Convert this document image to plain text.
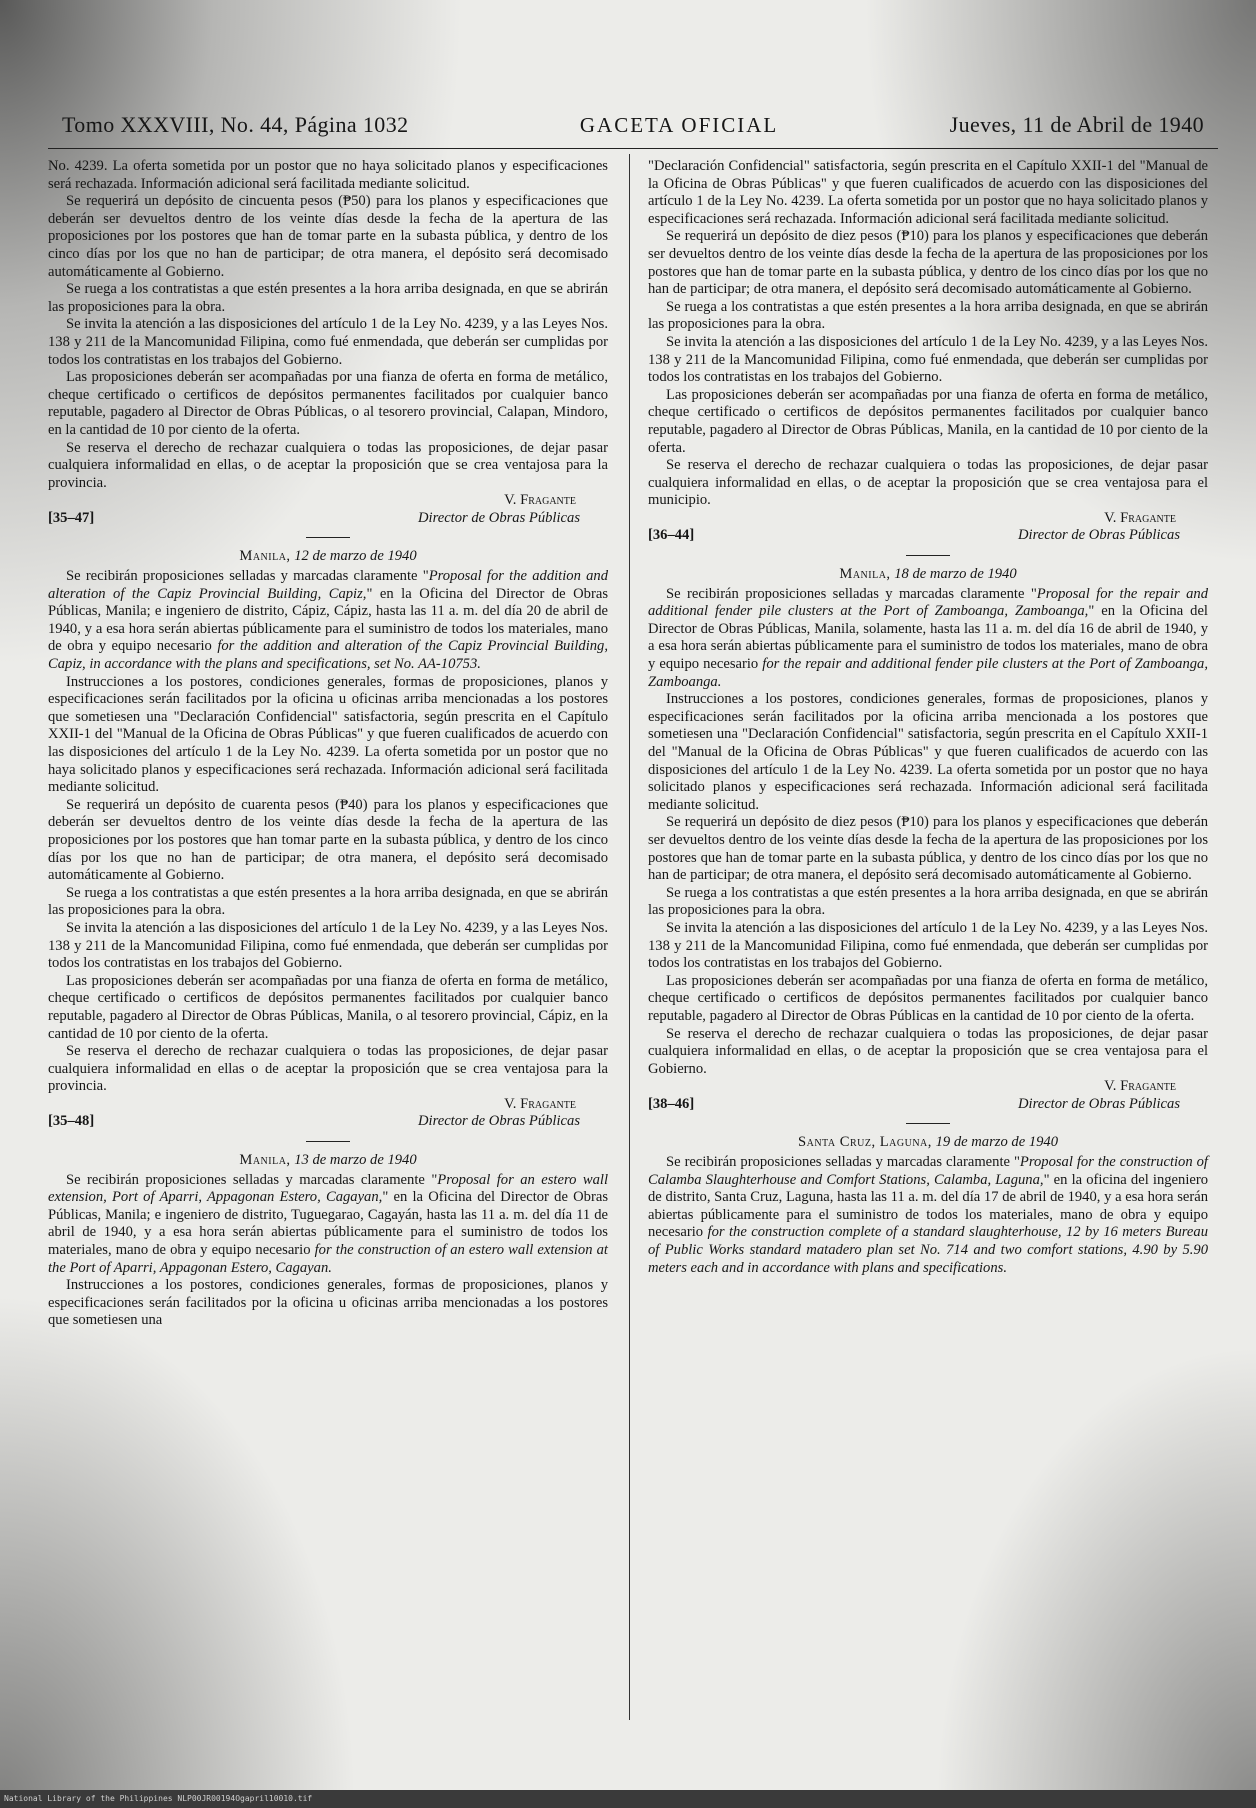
Tomo XXXVIII, No. 44, Página 1032	GACETA OFICIAL	Jueves, 11 de Abril de 1940

No. 4239. La oferta sometida por un postor que no haya solicitado planos y especificaciones será rechazada. Información adicional será facilitada mediante solicitud.

Se requerirá un depósito de cincuenta pesos (₱50) para los planos y especificaciones que deberán ser devueltos dentro de los veinte días desde la fecha de la apertura de las proposiciones por los postores que han de tomar parte en la subasta pública, y dentro de los cinco días por los que no han de participar; de otra manera, el depósito será decomisado automáticamente al Gobierno.

Se ruega a los contratistas a que estén presentes a la hora arriba designada, en que se abrirán las proposiciones para la obra.

Se invita la atención a las disposiciones del artículo 1 de la Ley No. 4239, y a las Leyes Nos. 138 y 211 de la Mancomunidad Filipina, como fué enmendada, que deberán ser cumplidas por todos los contratistas en los trabajos del Gobierno.

Las proposiciones deberán ser acompañadas por una fianza de oferta en forma de metálico, cheque certificado o certificos de depósitos permanentes facilitados por cualquier banco reputable, pagadero al Director de Obras Públicas, o al tesorero provincial, Calapan, Mindoro, en la cantidad de 10 por ciento de la oferta.

Se reserva el derecho de rechazar cualquiera o todas las proposiciones, de dejar pasar cualquiera informalidad en ellas, o de aceptar la proposición que se crea ventajosa para la provincia.

V. Fragante
[35–47]	Director de Obras Públicas
Manila, 12 de marzo de 1940

Se recibirán proposiciones selladas y marcadas claramente "Proposal for the addition and alteration of the Capiz Provincial Building, Capiz," en la Oficina del Director de Obras Públicas, Manila; e ingeniero de distrito, Cápiz, Cápiz, hasta las 11 a. m. del día 20 de abril de 1940, y a esa hora serán abiertas públicamente para el suministro de todos los materiales, mano de obra y equipo necesario for the addition and alteration of the Capiz Provincial Building, Capiz, in accordance with the plans and specifications, set No. AA-10753.

Instrucciones a los postores, condiciones generales, formas de proposiciones, planos y especificaciones serán facilitados por la oficina u oficinas arriba mencionadas a los postores que sometiesen una "Declaración Confidencial" satisfactoria, según prescrita en el Capítulo XXII-1 del "Manual de la Oficina de Obras Públicas" y que fueren cualificados de acuerdo con las disposiciones del artículo 1 de la Ley No. 4239. La oferta sometida por un postor que no haya solicitado planos y especificaciones será rechazada. Información adicional será facilitada mediante solicitud.

Se requerirá un depósito de cuarenta pesos (₱40) para los planos y especificaciones que deberán ser devueltos dentro de los veinte días desde la fecha de la apertura de las proposiciones por los postores que han tomar parte en la subasta pública, y dentro de los cinco días por los que no han de participar; de otra manera, el depósito será decomisado automáticamente al Gobierno.

Se ruega a los contratistas a que estén presentes a la hora arriba designada, en que se abrirán las proposiciones para la obra.

Se invita la atención a las disposiciones del artículo 1 de la Ley No. 4239, y a las Leyes Nos. 138 y 211 de la Mancomunidad Filipina, como fué enmendada, que deberán ser cumplidas por todos los contratistas en los trabajos del Gobierno.

Las proposiciones deberán ser acompañadas por una fianza de oferta en forma de metálico, cheque certificado o certificos de depósitos permanentes facilitados por cualquier banco reputable, pagadero al Director de Obras Públicas, Manila, o al tesorero provincial, Cápiz, en la cantidad de 10 por ciento de la oferta.

Se reserva el derecho de rechazar cualquiera o todas las proposiciones, de dejar pasar cualquiera informalidad en ellas o de aceptar la proposición que se crea ventajosa para la provincia.

V. Fragante
[35–48]	Director de Obras Públicas
Manila, 13 de marzo de 1940

Se recibirán proposiciones selladas y marcadas claramente "Proposal for an estero wall extension, Port of Aparri, Appagonan Estero, Cagayan," en la Oficina del Director de Obras Públicas, Manila; e ingeniero de distrito, Tuguegarao, Cagayán, hasta las 11 a. m. del día 11 de abril de 1940, y a esa hora serán abiertas públicamente para el suministro de todos los materiales, mano de obra y equipo necesario for the construction of an estero wall extension at the Port of Aparri, Appagonan Estero, Cagayan.

Instrucciones a los postores, condiciones generales, formas de proposiciones, planos y especificaciones serán facilitados por la oficina u oficinas arriba mencionadas a los postores que sometiesen una

"Declaración Confidencial" satisfactoria, según prescrita en el Capítulo XXII-1 del "Manual de la Oficina de Obras Públicas" y que fueren cualificados de acuerdo con las disposiciones del artículo 1 de la Ley No. 4239. La oferta sometida por un postor que no haya solicitado planos y especificaciones será rechazada. Información adicional será facilitada mediante solicitud.

Se requerirá un depósito de diez pesos (₱10) para los planos y especificaciones que deberán ser devueltos dentro de los veinte días desde la fecha de la apertura de las proposiciones por los postores que han de tomar parte en la subasta pública, y dentro de los cinco días por los que no han de participar; de otra manera, el depósito será decomisado automáticamente al Gobierno.

Se ruega a los contratistas a que estén presentes a la hora arriba designada, en que se abrirán las proposiciones para la obra.

Se invita la atención a las disposiciones del artículo 1 de la Ley No. 4239, y a las Leyes Nos. 138 y 211 de la Mancomunidad Filipina, como fué enmendada, que deberán ser cumplidas por todos los contratistas en los trabajos del Gobierno.

Las proposiciones deberán ser acompañadas por una fianza de oferta en forma de metálico, cheque certificado o certificos de depósitos permanentes facilitados por cualquier banco reputable, pagadero al Director de Obras Públicas, Manila, en la cantidad de 10 por ciento de la oferta.

Se reserva el derecho de rechazar cualquiera o todas las proposiciones, de dejar pasar cualquiera informalidad en ellas, o de aceptar la proposición que se crea ventajosa para el municipio.

V. Fragante
[36–44]	Director de Obras Públicas
Manila, 18 de marzo de 1940

Se recibirán proposiciones selladas y marcadas claramente "Proposal for the repair and additional fender pile clusters at the Port of Zamboanga, Zamboanga," en la Oficina del Director de Obras Públicas, Manila, solamente, hasta las 11 a. m. del día 16 de abril de 1940, y a esa hora serán abiertas públicamente para el suministro de todos los materiales, mano de obra y equipo necesario for the repair and additional fender pile clusters at the Port of Zamboanga, Zamboanga.

Instrucciones a los postores, condiciones generales, formas de proposiciones, planos y especificaciones serán facilitados por la oficina arriba mencionada a los postores que sometiesen una "Declaración Confidencial" satisfactoria, según prescrita en el Capítulo XXII-1 del "Manual de la Oficina de Obras Públicas" y que fueren cualificados de acuerdo con las disposiciones del artículo 1 de la Ley No. 4239. La oferta sometida por un postor que no haya solicitado planos y especificaciones será rechazada. Información adicional será facilitada mediante solicitud.

Se requerirá un depósito de diez pesos (₱10) para los planos y especificaciones que deberán ser devueltos dentro de los veinte días desde la fecha de la apertura de las proposiciones por los postores que han de tomar parte en la subasta pública, y dentro de los cinco días por los que no han de participar; de otra manera, el depósito será decomisado automáticamente al Gobierno.

Se ruega a los contratistas a que estén presentes a la hora arriba designada, en que se abrirán las proposiciones para la obra.

Se invita la atención a las disposiciones del artículo 1 de la Ley No. 4239, y a las Leyes Nos. 138 y 211 de la Mancomunidad Filipina, como fué enmendada, que deberán ser cumplidas por todos los contratistas en los trabajos del Gobierno.

Las proposiciones deberán ser acompañadas por una fianza de oferta en forma de metálico, cheque certificado o certificos de depósitos permanentes facilitados por cualquier banco reputable, pagadero al Director de Obras Públicas en la cantidad de 10 por ciento de la oferta.

Se reserva el derecho de rechazar cualquiera o todas las proposiciones, de dejar pasar cualquiera informalidad en ellas, o de aceptar la proposición que se crea ventajosa para el Gobierno.

V. Fragante
[38–46]	Director de Obras Públicas
Santa Cruz, Laguna, 19 de marzo de 1940

Se recibirán proposiciones selladas y marcadas claramente "Proposal for the construction of Calamba Slaughterhouse and Comfort Stations, Calamba, Laguna," en la oficina del ingeniero de distrito, Santa Cruz, Laguna, hasta las 11 a. m. del día 17 de abril de 1940, y a esa hora serán abiertas públicamente para el suministro de todos los materiales, mano de obra y equipo necesario for the construction complete of a standard slaughterhouse, 12 by 16 meters Bureau of Public Works standard matadero plan set No. 714 and two comfort stations, 4.90 by 5.90 meters each and in accordance with plans and specifications.

National Library of the Philippines NLP00JR00194Ogapril10010.tif
